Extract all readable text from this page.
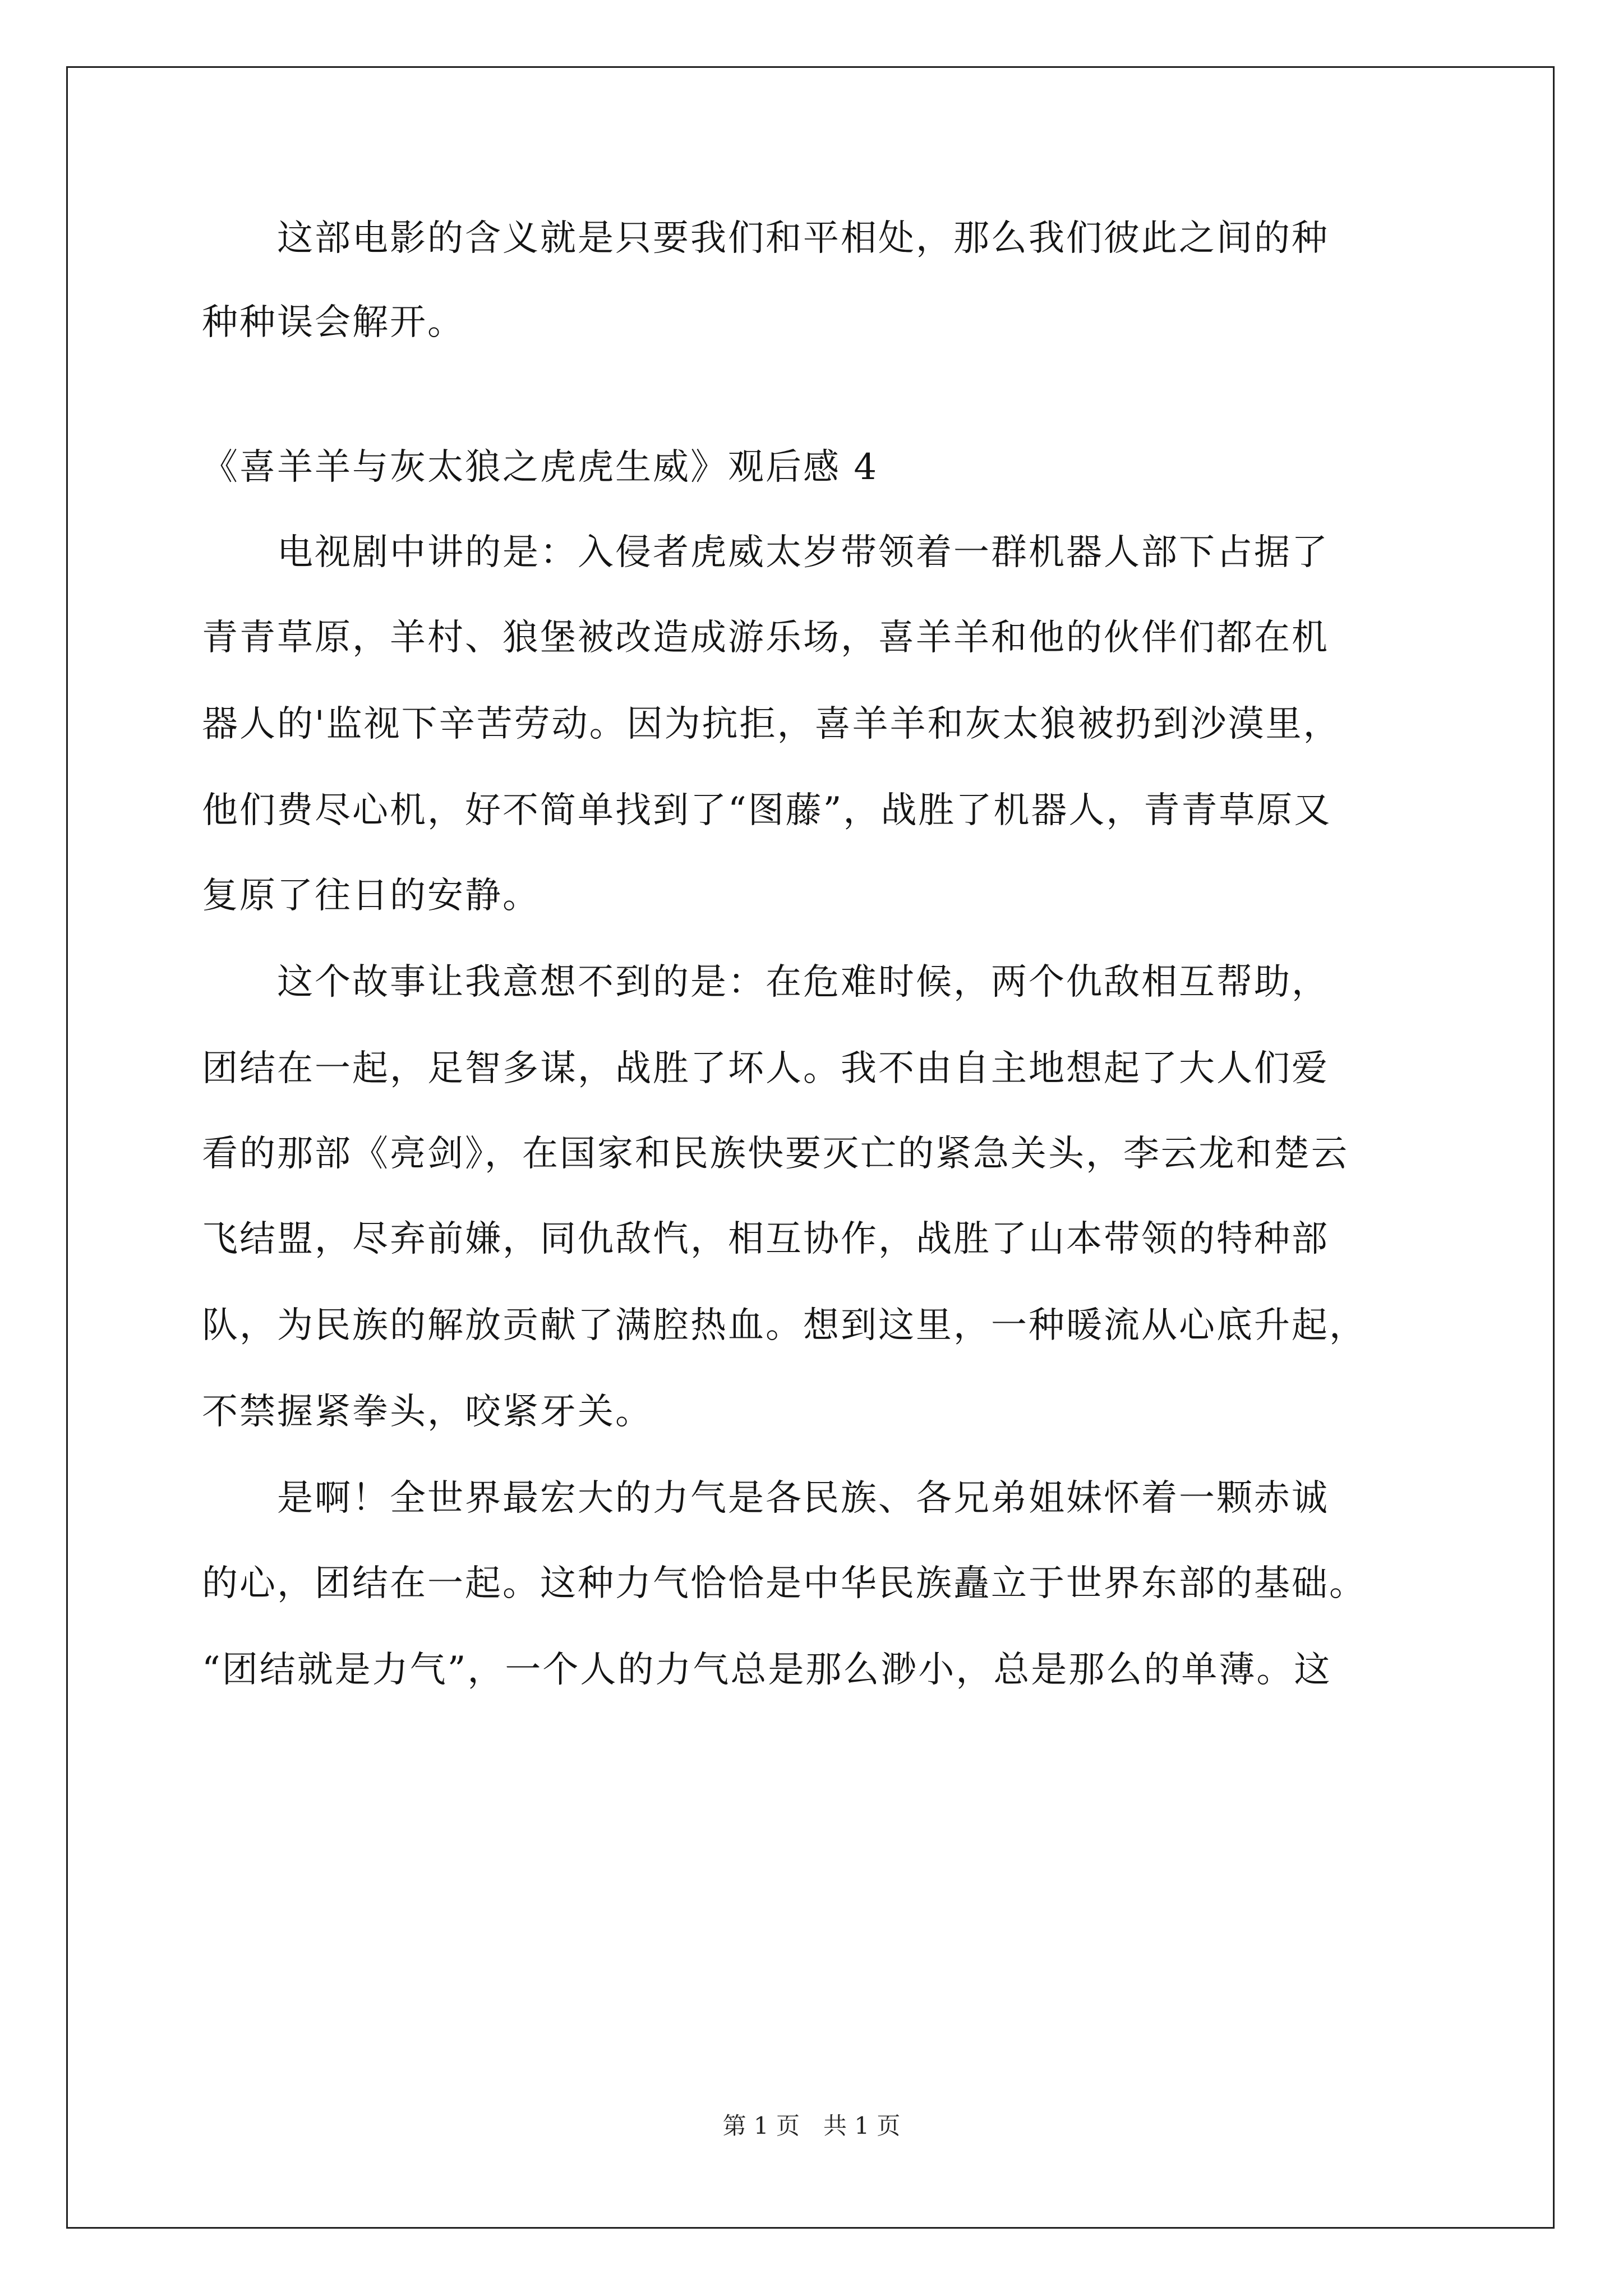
　　这部电影的含义就是只要我们和平相处，那么我们彼此之间的种
种种误会解开。
《喜羊羊与灰太狼之虎虎生威》观后感 4
　　电视剧中讲的是：入侵者虎威太岁带领着一群机器人部下占据了
青青草原，羊村、狼堡被改造成游乐场，喜羊羊和他的伙伴们都在机
器人的'监视下辛苦劳动。因为抗拒，喜羊羊和灰太狼被扔到沙漠里，
他们费尽心机，好不简单找到了“图藤”，战胜了机器人，青青草原又
复原了往日的安静。
　　这个故事让我意想不到的是：在危难时候，两个仇敌相互帮助，
团结在一起，足智多谋，战胜了坏人。我不由自主地想起了大人们爱
看的那部《亮剑》，在国家和民族快要灭亡的紧急关头，李云龙和楚云
飞结盟，尽弃前嫌，同仇敌忾，相互协作，战胜了山本带领的特种部
队，为民族的解放贡献了满腔热血。想到这里，一种暖流从心底升起，
不禁握紧拳头，咬紧牙关。
　　是啊！全世界最宏大的力气是各民族、各兄弟姐妹怀着一颗赤诚
的心，团结在一起。这种力气恰恰是中华民族矗立于世界东部的基础。
“团结就是力气”，一个人的力气总是那么渺小，总是那么的单薄。这
第 1 页　共 1 页
